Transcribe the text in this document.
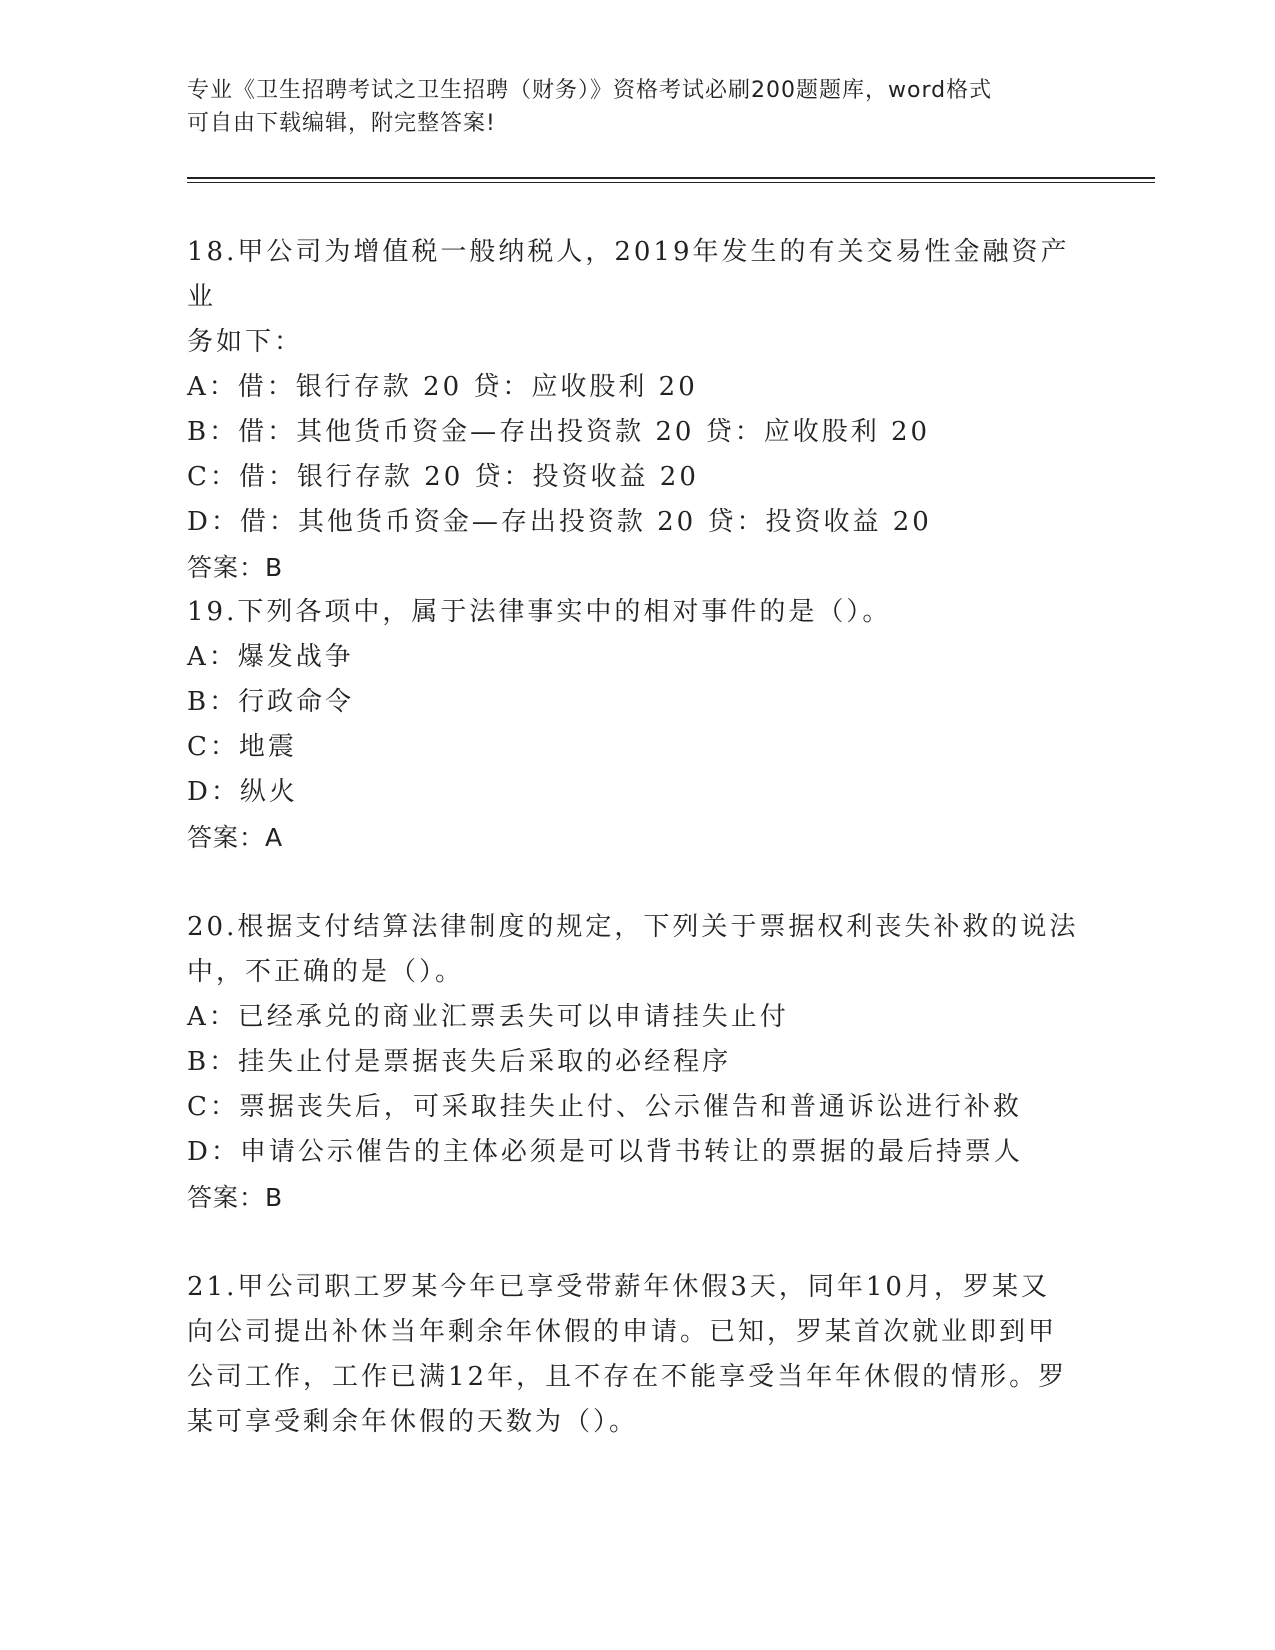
专业《卫生招聘考试之卫生招聘（财务）》资格考试必刷200题题库，word格式
可自由下载编辑，附完整答案!

18.甲公司为增值税一般纳税人，2019年发生的有关交易性金融资产业

务如下：

A：借：银行存款 20 贷：应收股利 20

B：借：其他货币资金—存出投资款 20 贷：应收股利 20

C：借：银行存款 20 贷：投资收益 20

D：借：其他货币资金—存出投资款 20 贷：投资收益 20

答案：B

19.下列各项中，属于法律事实中的相对事件的是（）。

A：爆发战争

B：行政命令

C：地震

D：纵火

答案：A

20.根据支付结算法律制度的规定，下列关于票据权利丧失补救的说法

中，不正确的是（）。

A：已经承兑的商业汇票丢失可以申请挂失止付

B：挂失止付是票据丧失后采取的必经程序

C：票据丧失后，可采取挂失止付、公示催告和普通诉讼进行补救

D：申请公示催告的主体必须是可以背书转让的票据的最后持票人

答案：B

21.甲公司职工罗某今年已享受带薪年休假3天，同年10月，罗某又

向公司提出补休当年剩余年休假的申请。已知，罗某首次就业即到甲

公司工作，工作已满12年，且不存在不能享受当年年休假的情形。罗

某可享受剩余年休假的天数为（）。
